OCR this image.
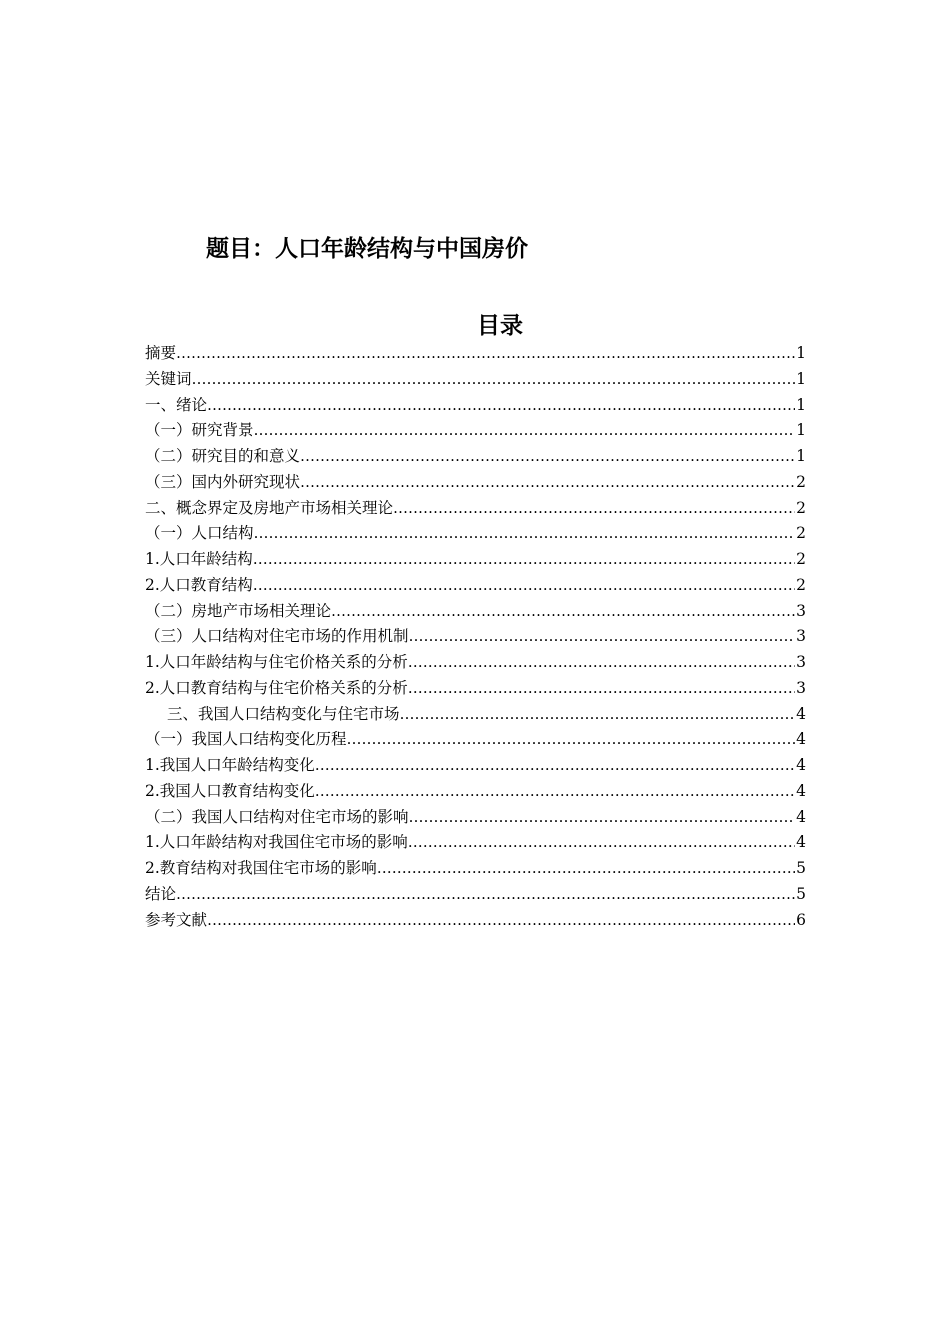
题目：人口年龄结构与中国房价
目录
摘要 …………………………………………………………………………………………………………………………………………………………………………	1
关键词 …………………………………………………………………………………………………………………………………………………………………………	1
一、绪论 …………………………………………………………………………………………………………………………………………………………………………	1
（一）研究背景 …………………………………………………………………………………………………………………………………………………………………………	1
（二）研究目的和意义 …………………………………………………………………………………………………………………………………………………………………………	1
（三）国内外研究现状 …………………………………………………………………………………………………………………………………………………………………………	2
二、概念界定及房地产市场相关理论 …………………………………………………………………………………………………………………………………………………………………………	2
（一）人口结构 …………………………………………………………………………………………………………………………………………………………………………	2
1.人口年龄结构 …………………………………………………………………………………………………………………………………………………………………………	2
2.人口教育结构 …………………………………………………………………………………………………………………………………………………………………………	2
（二）房地产市场相关理论 …………………………………………………………………………………………………………………………………………………………………………	3
（三）人口结构对住宅市场的作用机制 …………………………………………………………………………………………………………………………………………………………………………	3
1.人口年龄结构与住宅价格关系的分析 …………………………………………………………………………………………………………………………………………………………………………	3
2.人口教育结构与住宅价格关系的分析 …………………………………………………………………………………………………………………………………………………………………………	3
三、我国人口结构变化与住宅市场 …………………………………………………………………………………………………………………………………………………………………………	4
（一）我国人口结构变化历程 …………………………………………………………………………………………………………………………………………………………………………	4
1.我国人口年龄结构变化 …………………………………………………………………………………………………………………………………………………………………………	4
2.我国人口教育结构变化 …………………………………………………………………………………………………………………………………………………………………………	4
（二）我国人口结构对住宅市场的影响 …………………………………………………………………………………………………………………………………………………………………………	4
1.人口年龄结构对我国住宅市场的影响 …………………………………………………………………………………………………………………………………………………………………………	4
2.教育结构对我国住宅市场的影响 …………………………………………………………………………………………………………………………………………………………………………	5
结论 …………………………………………………………………………………………………………………………………………………………………………	5
参考文献 …………………………………………………………………………………………………………………………………………………………………………	6
